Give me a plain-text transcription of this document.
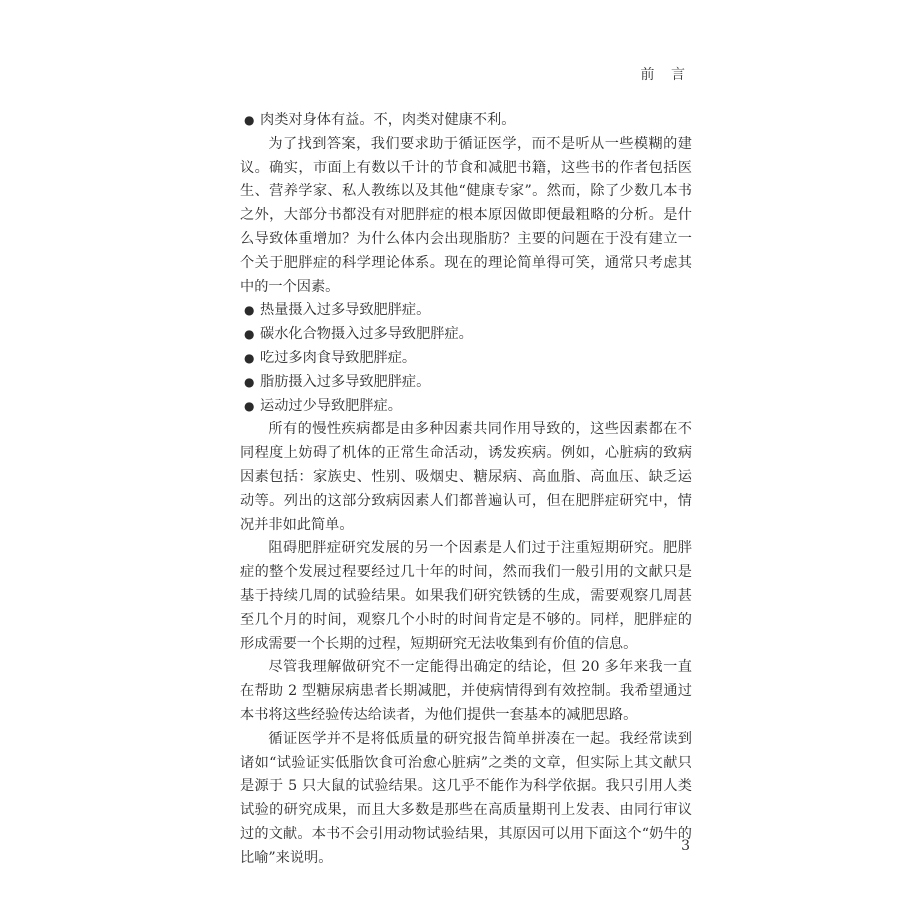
前 言

● 肉类对身体有益。不，肉类对健康不利。

为了找到答案，我们要求助于循证医学，而不是听从一些模糊的建议。确实，市面上有数以千计的节食和减肥书籍，这些书的作者包括医生、营养学家、私人教练以及其他“健康专家”。然而，除了少数几本书之外，大部分书都没有对肥胖症的根本原因做即便最粗略的分析。是什么导致体重增加？为什么体内会出现脂肪？主要的问题在于没有建立一个关于肥胖症的科学理论体系。现在的理论简单得可笑，通常只考虑其中的一个因素。

● 热量摄入过多导致肥胖症。

● 碳水化合物摄入过多导致肥胖症。

● 吃过多肉食导致肥胖症。

● 脂肪摄入过多导致肥胖症。

● 运动过少导致肥胖症。

所有的慢性疾病都是由多种因素共同作用导致的，这些因素都在不同程度上妨碍了机体的正常生命活动，诱发疾病。例如，心脏病的致病因素包括：家族史、性别、吸烟史、糖尿病、高血脂、高血压、缺乏运动等。列出的这部分致病因素人们都普遍认可，但在肥胖症研究中，情况并非如此简单。

阻碍肥胖症研究发展的另一个因素是人们过于注重短期研究。肥胖症的整个发展过程要经过几十年的时间，然而我们一般引用的文献只是基于持续几周的试验结果。如果我们研究铁锈的生成，需要观察几周甚至几个月的时间，观察几个小时的时间肯定是不够的。同样，肥胖症的形成需要一个长期的过程，短期研究无法收集到有价值的信息。

尽管我理解做研究不一定能得出确定的结论，但 20 多年来我一直在帮助 2 型糖尿病患者长期减肥，并使病情得到有效控制。我希望通过本书将这些经验传达给读者，为他们提供一套基本的减肥思路。

循证医学并不是将低质量的研究报告简单拼凑在一起。我经常读到诸如“试验证实低脂饮食可治愈心脏病”之类的文章，但实际上其文献只是源于 5 只大鼠的试验结果。这几乎不能作为科学依据。我只引用人类试验的研究成果，而且大多数是那些在高质量期刊上发表、由同行审议过的文献。本书不会引用动物试验结果，其原因可以用下面这个“奶牛的比喻”来说明。

3
